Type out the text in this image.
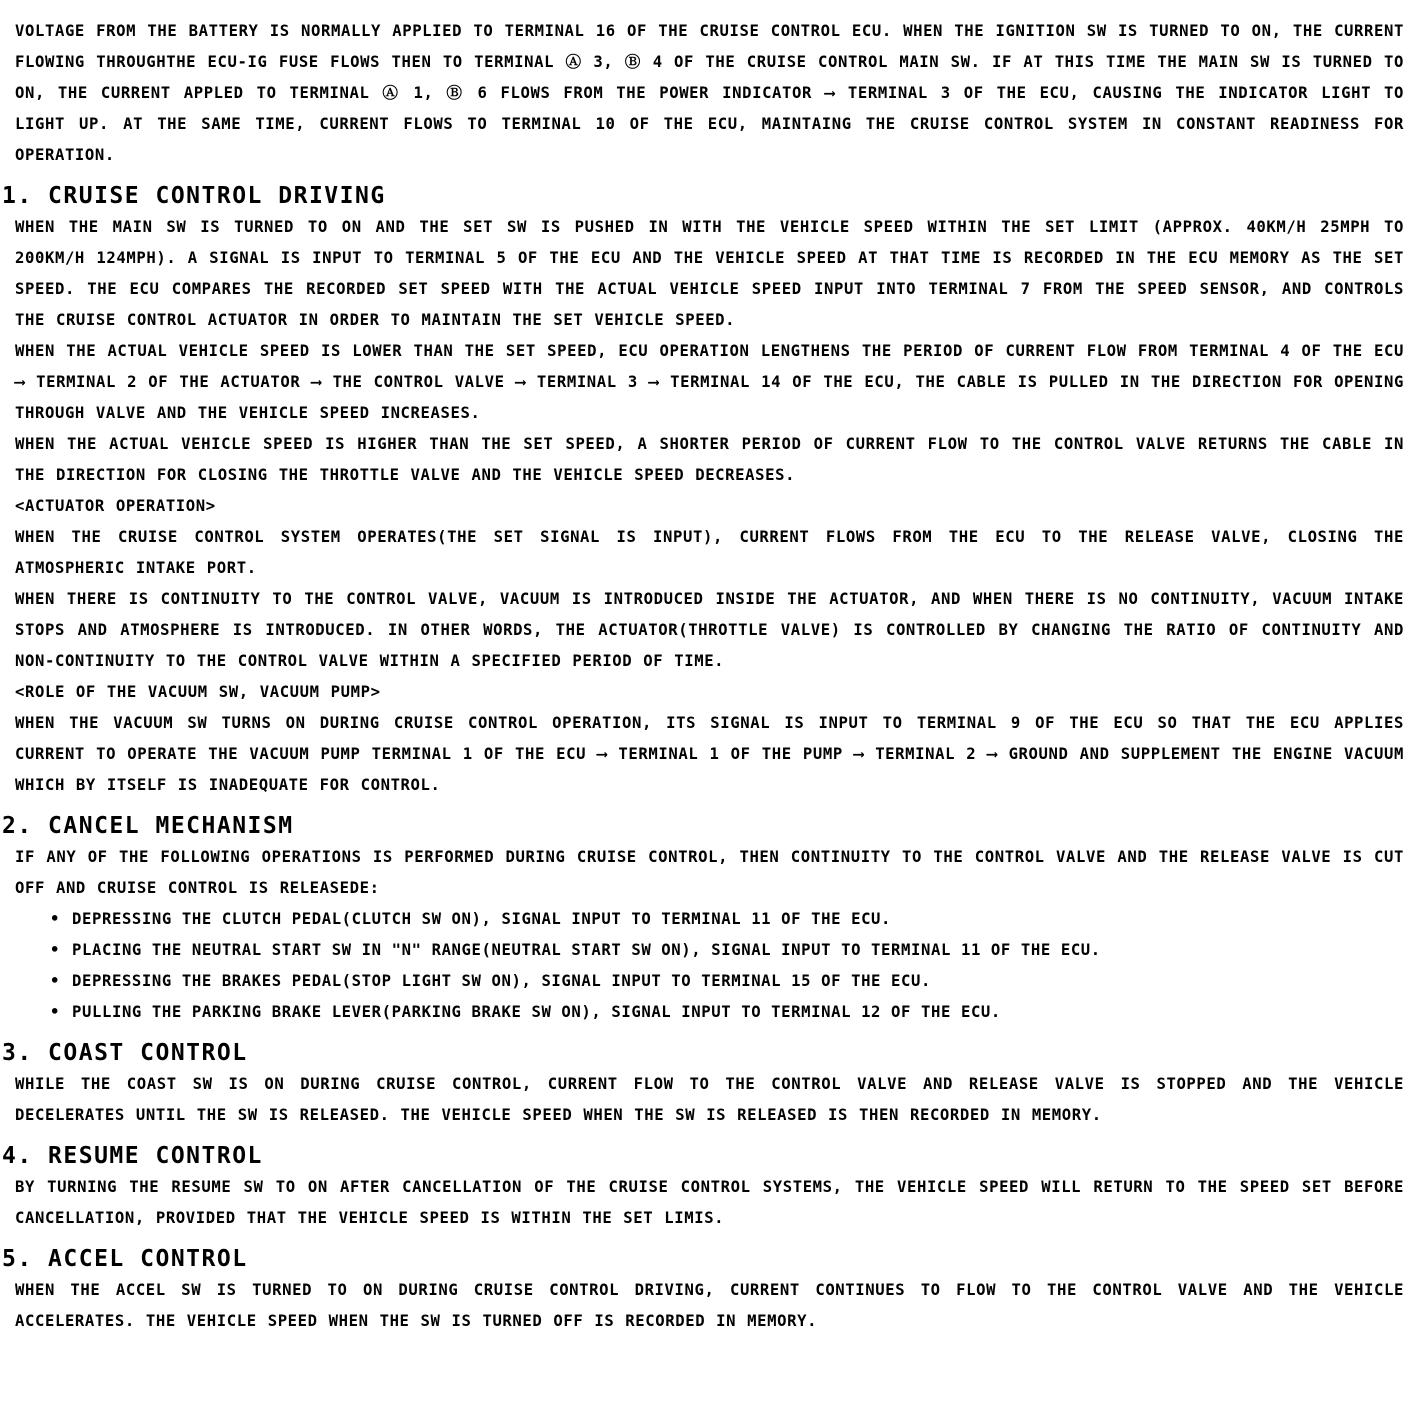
VOLTAGE FROM THE BATTERY IS NORMALLY APPLIED TO TERMINAL 16 OF THE CRUISE CONTROL ECU. WHEN THE IGNITION SW IS TURNED TO ON, THE CURRENT FLOWING THROUGHTHE ECU-IG FUSE FLOWS THEN TO TERMINAL Ⓐ 3, Ⓑ 4 OF THE CRUISE CONTROL MAIN SW. IF AT THIS TIME THE MAIN SW IS TURNED TO ON, THE CURRENT APPLED TO TERMINAL Ⓐ 1, Ⓑ 6 FLOWS FROM THE POWER INDICATOR ⟶ TERMINAL 3 OF THE ECU, CAUSING THE INDICATOR LIGHT TO LIGHT UP. AT THE SAME TIME, CURRENT FLOWS TO TERMINAL 10 OF THE ECU, MAINTAING THE CRUISE CONTROL SYSTEM IN CONSTANT READINESS FOR OPERATION.

1. CRUISE CONTROL DRIVING

WHEN THE MAIN SW IS TURNED TO ON AND THE SET SW IS PUSHED IN WITH THE VEHICLE SPEED WITHIN THE SET LIMIT (APPROX. 40KM/H 25MPH TO 200KM/H 124MPH). A SIGNAL IS INPUT TO TERMINAL 5 OF THE ECU AND THE VEHICLE SPEED AT THAT TIME IS RECORDED IN THE ECU MEMORY AS THE SET SPEED. THE ECU COMPARES THE RECORDED SET SPEED WITH THE ACTUAL VEHICLE SPEED INPUT INTO TERMINAL 7 FROM THE SPEED SENSOR, AND CONTROLS THE CRUISE CONTROL ACTUATOR IN ORDER TO MAINTAIN THE SET VEHICLE SPEED.

WHEN THE ACTUAL VEHICLE SPEED IS LOWER THAN THE SET SPEED, ECU OPERATION LENGTHENS THE PERIOD OF CURRENT FLOW FROM TERMINAL 4 OF THE ECU ⟶ TERMINAL 2 OF THE ACTUATOR ⟶ THE CONTROL VALVE ⟶ TERMINAL 3 ⟶ TERMINAL 14 OF THE ECU, THE CABLE IS PULLED IN THE DIRECTION FOR OPENING THROUGH VALVE AND THE VEHICLE SPEED INCREASES.

WHEN THE ACTUAL VEHICLE SPEED IS HIGHER THAN THE SET SPEED, A SHORTER PERIOD OF CURRENT FLOW TO THE CONTROL VALVE RETURNS THE CABLE IN THE DIRECTION FOR CLOSING THE THROTTLE VALVE AND THE VEHICLE SPEED DECREASES.

<ACTUATOR OPERATION>

WHEN THE CRUISE CONTROL SYSTEM OPERATES(THE SET SIGNAL IS INPUT), CURRENT FLOWS FROM THE ECU TO THE RELEASE VALVE, CLOSING THE ATMOSPHERIC INTAKE PORT.

WHEN THERE IS CONTINUITY TO THE CONTROL VALVE, VACUUM IS INTRODUCED INSIDE THE ACTUATOR, AND WHEN THERE IS NO CONTINUITY, VACUUM INTAKE STOPS AND ATMOSPHERE IS INTRODUCED. IN OTHER WORDS, THE ACTUATOR(THROTTLE VALVE) IS CONTROLLED BY CHANGING THE RATIO OF CONTINUITY AND NON-CONTINUITY TO THE CONTROL VALVE WITHIN A SPECIFIED PERIOD OF TIME.

<ROLE OF THE VACUUM SW, VACUUM PUMP>

WHEN THE VACUUM SW TURNS ON DURING CRUISE CONTROL OPERATION, ITS SIGNAL IS INPUT TO TERMINAL 9 OF THE ECU SO THAT THE ECU APPLIES CURRENT TO OPERATE THE VACUUM PUMP TERMINAL 1 OF THE ECU ⟶ TERMINAL 1 OF THE PUMP ⟶ TERMINAL 2 ⟶ GROUND AND SUPPLEMENT THE ENGINE VACUUM WHICH BY ITSELF IS INADEQUATE FOR CONTROL.

2. CANCEL MECHANISM

IF ANY OF THE FOLLOWING OPERATIONS IS PERFORMED DURING CRUISE CONTROL, THEN CONTINUITY TO THE CONTROL VALVE AND THE RELEASE VALVE IS CUT OFF AND CRUISE CONTROL IS RELEASEDE:

• DEPRESSING THE CLUTCH PEDAL(CLUTCH SW ON), SIGNAL INPUT TO TERMINAL 11 OF THE ECU.
• PLACING THE NEUTRAL START SW IN "N" RANGE(NEUTRAL START SW ON), SIGNAL INPUT TO TERMINAL 11 OF THE ECU.
• DEPRESSING THE BRAKES PEDAL(STOP LIGHT SW ON), SIGNAL INPUT TO TERMINAL 15 OF THE ECU.
• PULLING THE PARKING BRAKE LEVER(PARKING BRAKE SW ON), SIGNAL INPUT TO TERMINAL 12 OF THE ECU.
3. COAST CONTROL

WHILE THE COAST SW IS ON DURING CRUISE CONTROL, CURRENT FLOW TO THE CONTROL VALVE AND RELEASE VALVE IS STOPPED AND THE VEHICLE DECELERATES UNTIL THE SW IS RELEASED. THE VEHICLE SPEED WHEN THE SW IS RELEASED IS THEN RECORDED IN MEMORY.

4. RESUME CONTROL

BY TURNING THE RESUME SW TO ON AFTER CANCELLATION OF THE CRUISE CONTROL SYSTEMS, THE VEHICLE SPEED WILL RETURN TO THE SPEED SET BEFORE CANCELLATION, PROVIDED THAT THE VEHICLE SPEED IS WITHIN THE SET LIMIS.

5. ACCEL CONTROL

WHEN THE ACCEL SW IS TURNED TO ON DURING CRUISE CONTROL DRIVING, CURRENT CONTINUES TO FLOW TO THE CONTROL VALVE AND THE VEHICLE ACCELERATES. THE VEHICLE SPEED WHEN THE SW IS TURNED OFF IS RECORDED IN MEMORY.
